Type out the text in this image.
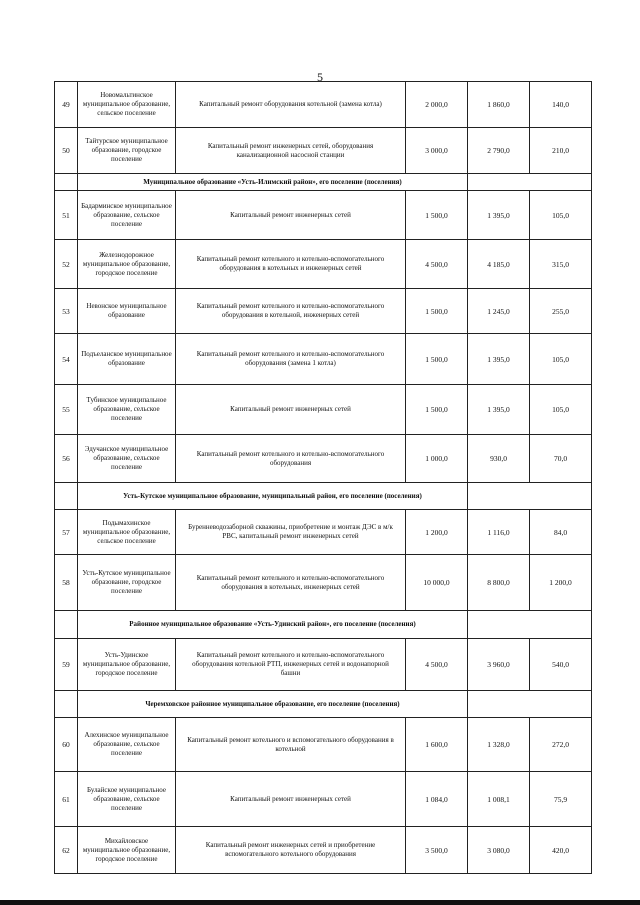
5
49	Новомальтинское муниципальное образование, сельское поселение	Капитальный ремонт оборудования котельной (замена котла)	2 000,0	1 860,0	140,0
50	Тайтурское муниципальное образование, городское поселение	Капитальный ремонт инженерных сетей, оборудования канализационной насосной станции	3 000,0	2 790,0	210,0
	Муниципальное образование «Усть-Илимский район», его поселение (поселения)				
51	Бадарминское муниципальное образование, сельское поселение	Капитальный ремонт инженерных сетей	1 500,0	1 395,0	105,0
52	Железнодорожное муниципальное образование, городское поселение	Капитальный ремонт котельного и котельно-вспомогательного оборудования в котельных и инженерных сетей	4 500,0	4 185,0	315,0
53	Невонское муниципальное образование	Капитальный ремонт котельного и котельно-вспомогательного оборудования в котельной, инженерных сетей	1 500,0	1 245,0	255,0
54	Подъеланское муниципальное образование	Капитальный ремонт котельного и котельно-вспомогательного оборудования (замена 1 котла)	1 500,0	1 395,0	105,0
55	Тубинское муниципальное образование, сельское поселение	Капитальный ремонт инженерных сетей	1 500,0	1 395,0	105,0
56	Эдучанское муниципальное образование, сельское поселение	Капитальный ремонт котельного и котельно-вспомогательного оборудования	1 000,0	930,0	70,0
	Усть-Кутское муниципальное образование, муниципальный район, его поселение (поселения)				
57	Подымахинское муниципальное образование, сельское поселение	Буренневодозаборной скважины, приобретение и монтаж ДЭС в м/к РВС, капитальный ремонт инженерных сетей	1 200,0	1 116,0	84,0
58	Усть-Кутское муниципальное образование, городское поселение	Капитальный ремонт котельного и котельно-вспомогательного оборудования в котельных, инженерных сетей	10 000,0	8 800,0	1 200,0
	Районное муниципальное образование «Усть-Удинский район», его поселение (поселения)				
59	Усть-Удинское муниципальное образование, городское поселение	Капитальный ремонт котельного и котельно-вспомогательного оборудования котельной РТП, инженерных сетей и водонапорной башни	4 500,0	3 960,0	540,0
	Черемховское районное муниципальное образование, его поселение (поселения)				
60	Алехинское муниципальное образование, сельское поселение	Капитальный ремонт котельного и вспомогательного оборудования в котельной	1 600,0	1 328,0	272,0
61	Булайское муниципальное образование, сельское поселение	Капитальный ремонт инженерных сетей	1 084,0	1 008,1	75,9
62	Михайловское муниципальное образование, городское поселение	Капитальный ремонт инженерных сетей и приобретение вспомогательного котельного оборудования	3 500,0	3 080,0	420,0
